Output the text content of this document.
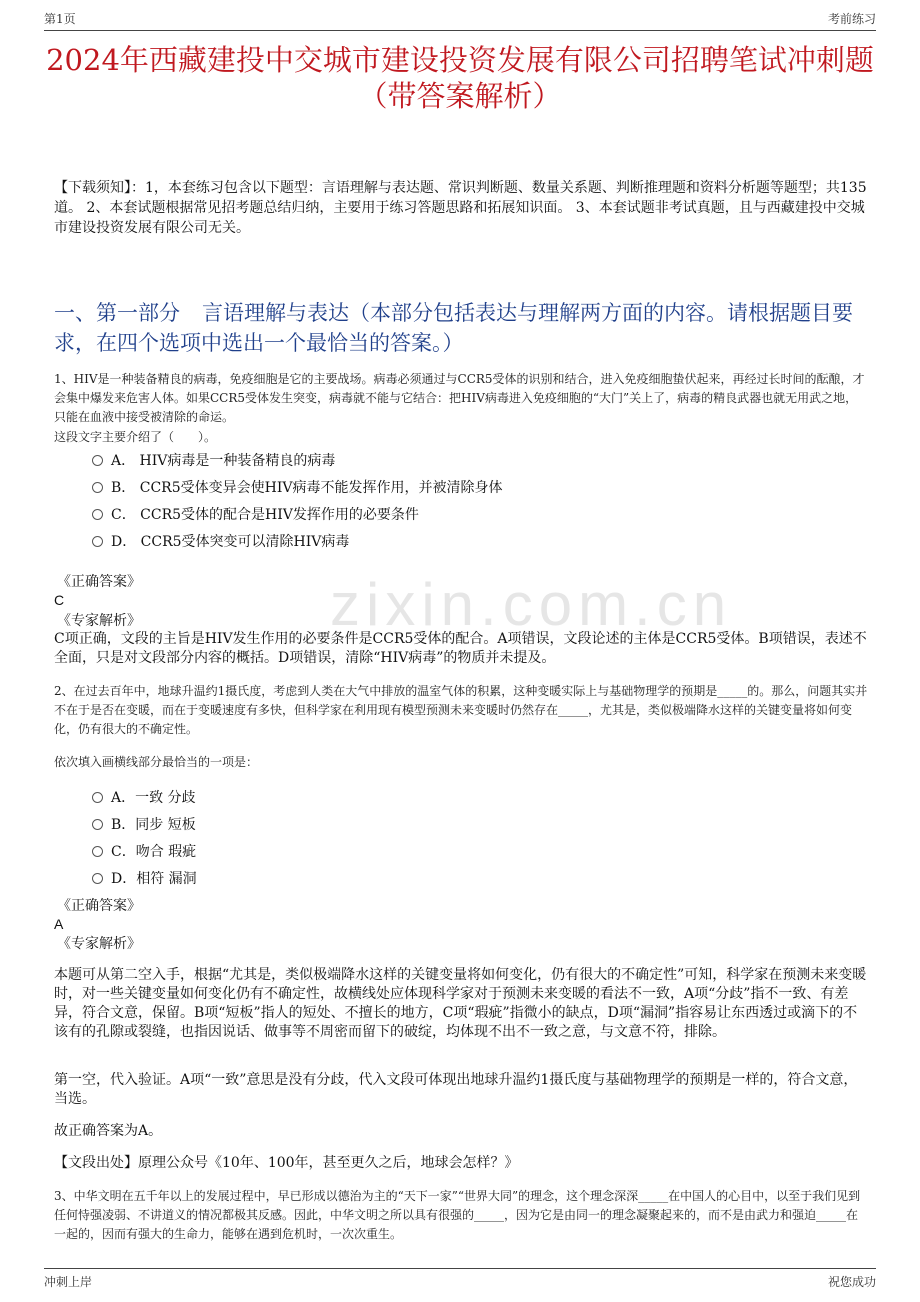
第1页	考前练习
2024年西藏建投中交城市建设投资发展有限公司招聘笔试冲刺题（带答案解析）
【下载须知】：1，本套练习包含以下题型：言语理解与表达题、常识判断题、数量关系题、判断推理题和资料分析题等题型；共135道。 2、本套试题根据常见招考题总结归纳，主要用于练习答题思路和拓展知识面。 3、本套试题非考试真题，且与西藏建投中交城市建设投资发展有限公司无关。
一、第一部分 言语理解与表达（本部分包括表达与理解两方面的内容。请根据题目要求，在四个选项中选出一个最恰当的答案。）
zixin.com.cn
1、HIV是一种装备精良的病毒，免疫细胞是它的主要战场。病毒必须通过与CCR5受体的识别和结合，进入免疫细胞蛰伏起来，再经过长时间的酝酿，才会集中爆发来危害人体。如果CCR5受体发生突变，病毒就不能与它结合：把HIV病毒进入免疫细胞的“大门”关上了，病毒的精良武器也就无用武之地，只能在血液中接受被清除的命运。
这段文字主要介绍了（　　）。
A． HIV病毒是一种装备精良的病毒
B． CCR5受体变异会使HIV病毒不能发挥作用，并被清除身体
C． CCR5受体的配合是HIV发挥作用的必要条件
D． CCR5受体突变可以清除HIV病毒
《正确答案》
C
《专家解析》
C项正确，文段的主旨是HIV发生作用的必要条件是CCR5受体的配合。A项错误，文段论述的主体是CCR5受体。B项错误，表述不全面，只是对文段部分内容的概括。D项错误，清除“HIV病毒”的物质并未提及。
2、在过去百年中，地球升温约1摄氏度，考虑到人类在大气中排放的温室气体的积累，这种变暖实际上与基础物理学的预期是_____的。那么，问题其实并不在于是否在变暖，而在于变暖速度有多快，但科学家在利用现有模型预测未来变暖时仍然存在_____，尤其是，类似极端降水这样的关键变量将如何变化，仍有很大的不确定性。
依次填入画横线部分最恰当的一项是：
A．一致 分歧
B．同步 短板
C．吻合 瑕疵
D．相符 漏洞
《正确答案》
A
《专家解析》
本题可从第二空入手，根据“尤其是，类似极端降水这样的关键变量将如何变化，仍有很大的不确定性”可知，科学家在预测未来变暖时，对一些关键变量如何变化仍有不确定性，故横线处应体现科学家对于预测未来变暖的看法不一致，A项“分歧”指不一致、有差异，符合文意，保留。B项“短板”指人的短处、不擅长的地方，C项“瑕疵”指微小的缺点，D项“漏洞”指容易让东西透过或滴下的不该有的孔隙或裂缝，也指因说话、做事等不周密而留下的破绽，均体现不出不一致之意，与文意不符，排除。
第一空，代入验证。A项“一致”意思是没有分歧，代入文段可体现出地球升温约1摄氏度与基础物理学的预期是一样的，符合文意，当选。
故正确答案为A。
【文段出处】原理公众号《10年、100年，甚至更久之后，地球会怎样？》
3、中华文明在五千年以上的发展过程中，早已形成以德治为主的“天下一家”“世界大同”的理念，这个理念深深_____在中国人的心目中，以至于我们见到任何恃强凌弱、不讲道义的情况都极其反感。因此，中华文明之所以具有很强的_____，因为它是由同一的理念凝聚起来的，而不是由武力和强迫_____在一起的，因而有强大的生命力，能够在遇到危机时，一次次重生。
冲刺上岸	祝您成功
